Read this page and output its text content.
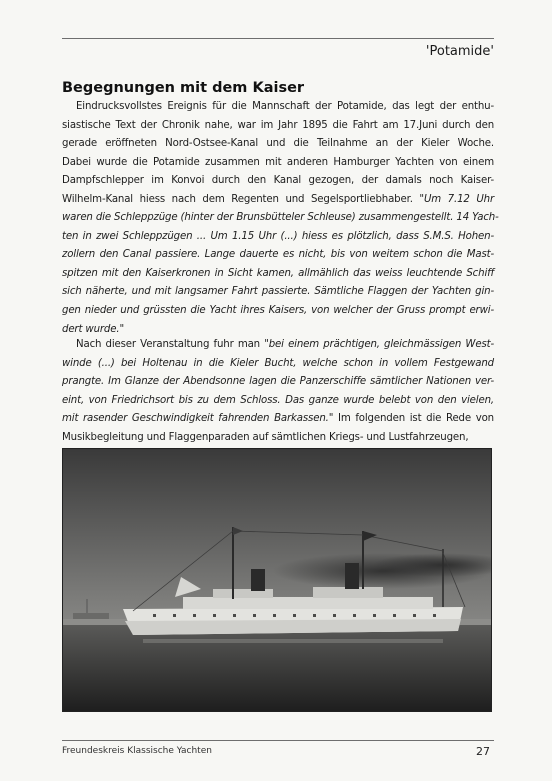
'Potamide'
Begegnungen mit dem Kaiser
Eindrucksvollstes Ereignis für die Mannschaft der Potamide, das legt der enthu-
siastische Text der Chronik nahe, war im Jahr 1895 die Fahrt am 17.Juni durch den
gerade eröffneten Nord-Ostsee-Kanal und die Teilnahme an der Kieler Woche.
Dabei wurde die Potamide zusammen mit anderen Hamburger Yachten von einem
Dampfschlepper im Konvoi durch den Kanal gezogen, der damals noch Kaiser-
Wilhelm-Kanal hiess nach dem Regenten und Segelsportliebhaber. "Um 7.12 Uhr
waren die Schleppzüge (hinter der Brunsbütteler Schleuse) zusammengestellt. 14 Yach-
ten in zwei Schleppzügen ... Um 1.15 Uhr (...) hiess es plötzlich, dass S.M.S. Hohen-
zollern den Canal passiere. Lange dauerte es nicht, bis von weitem schon die Mast-
spitzen mit den Kaiserkronen in Sicht kamen, allmählich das weiss leuchtende Schiff
sich näherte, und mit langsamer Fahrt passierte. Sämtliche Flaggen der Yachten gin-
gen nieder und grüssten die Yacht ihres Kaisers, von welcher der Gruss prompt erwi-
dert wurde."
Nach dieser Veranstaltung fuhr man "bei einem prächtigen, gleichmässigen West-
winde (...) bei Holtenau in die Kieler Bucht, welche schon in vollem Festgewand
prangte. Im Glanze der Abendsonne lagen die Panzerschiffe sämtlicher Nationen ver-
eint, von Friedrichsort bis zu dem Schloss. Das ganze wurde belebt von den vielen,
mit rasender Geschwindigkeit fahrenden Barkassen." Im folgenden ist die Rede von
Musikbegleitung und Flaggenparaden auf sämtlichen Kriegs- und Lustfahrzeugen,
Freundeskreis Klassische Yachten	27
